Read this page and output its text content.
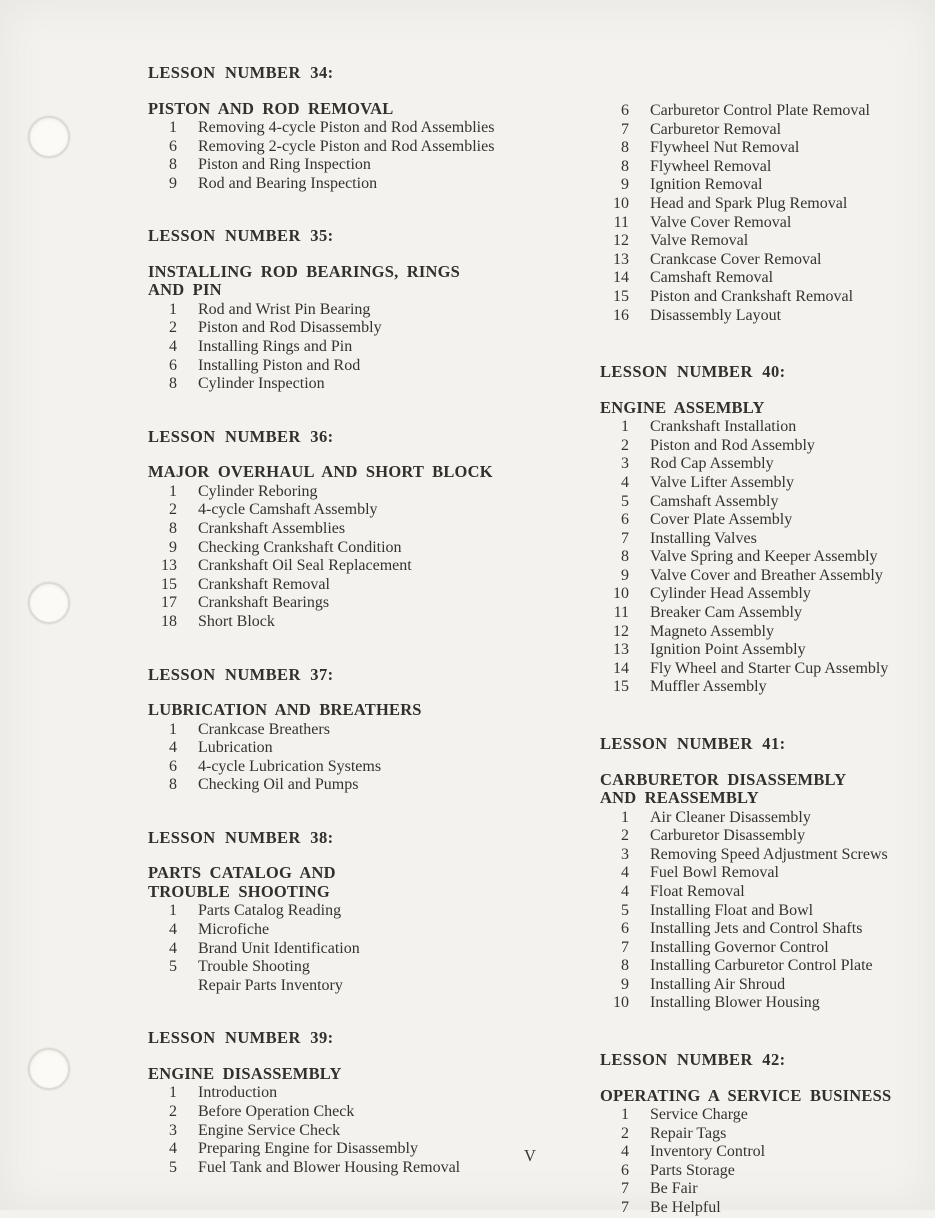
LESSON NUMBER 34:
PISTON AND ROD REMOVAL
1 Removing 4-cycle Piston and Rod Assemblies
6 Removing 2-cycle Piston and Rod Assemblies
8 Piston and Ring Inspection
9 Rod and Bearing Inspection
LESSON NUMBER 35:
INSTALLING ROD BEARINGS, RINGS
AND PIN
1 Rod and Wrist Pin Bearing
2 Piston and Rod Disassembly
4 Installing Rings and Pin
6 Installing Piston and Rod
8 Cylinder Inspection
LESSON NUMBER 36:
MAJOR OVERHAUL AND SHORT BLOCK
1 Cylinder Reboring
2 4-cycle Camshaft Assembly
8 Crankshaft Assemblies
9 Checking Crankshaft Condition
13 Crankshaft Oil Seal Replacement
15 Crankshaft Removal
17 Crankshaft Bearings
18 Short Block
LESSON NUMBER 37:
LUBRICATION AND BREATHERS
1 Crankcase Breathers
4 Lubrication
6 4-cycle Lubrication Systems
8 Checking Oil and Pumps
LESSON NUMBER 38:
PARTS CATALOG AND
TROUBLE SHOOTING
1 Parts Catalog Reading
4 Microfiche
4 Brand Unit Identification
5 Trouble Shooting
Repair Parts Inventory
LESSON NUMBER 39:
ENGINE DISASSEMBLY
1 Introduction
2 Before Operation Check
3 Engine Service Check
4 Preparing Engine for Disassembly
5 Fuel Tank and Blower Housing Removal
6 Carburetor Control Plate Removal
7 Carburetor Removal
8 Flywheel Nut Removal
8 Flywheel Removal
9 Ignition Removal
10 Head and Spark Plug Removal
11 Valve Cover Removal
12 Valve Removal
13 Crankcase Cover Removal
14 Camshaft Removal
15 Piston and Crankshaft Removal
16 Disassembly Layout
LESSON NUMBER 40:
ENGINE ASSEMBLY
1 Crankshaft Installation
2 Piston and Rod Assembly
3 Rod Cap Assembly
4 Valve Lifter Assembly
5 Camshaft Assembly
6 Cover Plate Assembly
7 Installing Valves
8 Valve Spring and Keeper Assembly
9 Valve Cover and Breather Assembly
10 Cylinder Head Assembly
11 Breaker Cam Assembly
12 Magneto Assembly
13 Ignition Point Assembly
14 Fly Wheel and Starter Cup Assembly
15 Muffler Assembly
LESSON NUMBER 41:
CARBURETOR DISASSEMBLY
AND REASSEMBLY
1 Air Cleaner Disassembly
2 Carburetor Disassembly
3 Removing Speed Adjustment Screws
4 Fuel Bowl Removal
4 Float Removal
5 Installing Float and Bowl
6 Installing Jets and Control Shafts
7 Installing Governor Control
8 Installing Carburetor Control Plate
9 Installing Air Shroud
10 Installing Blower Housing
LESSON NUMBER 42:
OPERATING A SERVICE BUSINESS
1 Service Charge
2 Repair Tags
4 Inventory Control
6 Parts Storage
7 Be Fair
7 Be Helpful
V
